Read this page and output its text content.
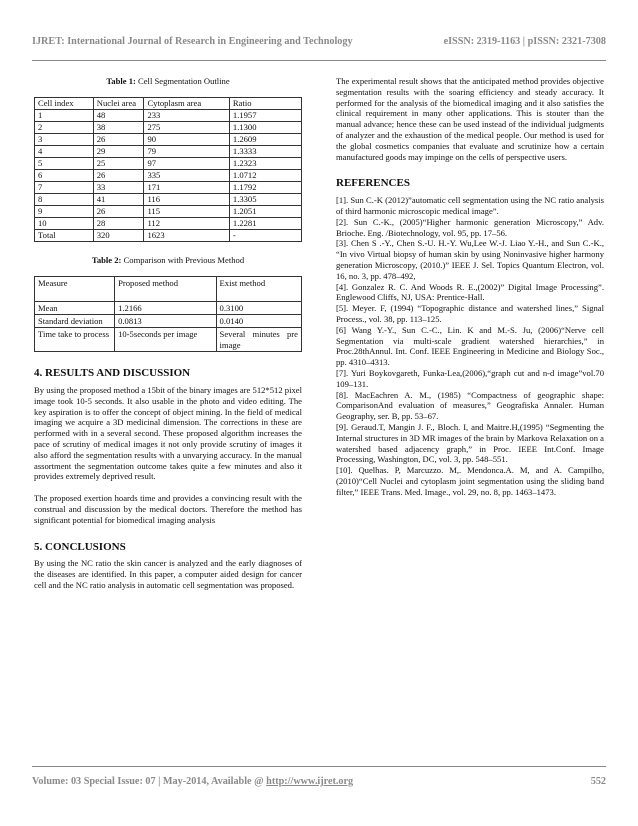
IJRET: International Journal of Research in Engineering and Technology	eISSN: 2319-1163 | pISSN: 2321-7308

Table 1: Cell Segmentation Outline

Cell index	Nuclei area	Cytoplasm area	Ratio
1	48	233	1.1957
2	38	275	1.1300
3	26	90	1.2609
4	29	79	1.3333
5	25	97	1.2323
6	26	335	1.0712
7	33	171	1.1792
8	41	116	1.3305
9	26	115	1.2051
10	28	112	1.2281
Total	320	1623	-

Table 2: Comparison with Previous Method

Measure	Proposed method	Exist method
Mean	1.2166	0.3100
Standard deviation	0.0813	0.0140
Time take to process	10-5seconds per image	Several minutes pre image
4. RESULTS AND DISCUSSION

By using the proposed method a 15bit of the binary images are 512*512 pixel image took 10-5 seconds. It also usable in the photo and video editing. The key aspiration is to offer the concept of object mining. In the field of medical imaging we acquire a 3D medicinal dimension. The corrections in these are performed with in a several second. These proposed algorithm increases the pace of scrutiny of medical images it not only provide scrutiny of images it also afford the segmentation results with a unvarying accuracy. In the manual assortment the segmentation outcome takes quite a few minutes and also it provides extremely deprived result.

The proposed exertion hoards time and provides a convincing result with the construal and discussion by the medical doctors. Therefore the method has significant potential for biomedical imaging analysis

5. CONCLUSIONS

By using the NC ratio the skin cancer is analyzed and the early diagnoses of the diseases are identified. In this paper, a computer aided design for cancer cell and the NC ratio analysis in automatic cell segmentation was proposed.

The experimental result shows that the anticipated method provides objective segmentation results with the soaring efficiency and steady accuracy. It performed for the analysis of the biomedical imaging and it also satisfies the clinical requirement in many other applications. This is stouter than the manual advance; hence these can be used instead of the individual judgments of analyzer and the exhaustion of the medical people. Our method is used for the global cosmetics companies that evaluate and scrutinize how a certain manufactured goods may impinge on the cells of perspective users.

REFERENCES

[1]. Sun C.-K (2012)”automatic cell segmentation using the NC ratio analysis of third harmonic microscopic medical image”.

[2]. Sun C.-K., (2005)“Higher harmonic generation Microscopy,” Adv. Brioche. Eng. /Biotechnology, vol. 95, pp. 17–56.

[3]. Chen S .-Y., Chen S.-U. H.-Y. Wu,Lee W.-J. Liao Y.-H., and Sun C.-K., “In vivo Virtual biopsy of human skin by using Noninvasive higher harmony generation Microscopy, (2010.)” IEEE J. Sel. Topics Quantum Electron, vol. 16, no. 3, pp. 478–492,

[4]. Gonzalez R. C. And Woods R. E.,(2002)” Digital Image Processing”. Englewood Cliffs, NJ, USA: Prentice-Hall.

[5]. Meyer. F, (1994) “Topographic distance and watershed lines,” Signal Process., vol. 38, pp. 113–125.

[6] Wang Y.-Y., Sun C.-C., Lin. K and M.-S. Ju, (2006)“Nerve cell Segmentation via multi-scale gradient watershed hierarchies,” in Proc.28thAnnul. Int. Conf. IEEE Engineering in Medicine and Biology Soc., pp. 4310–4313.

[7]. Yuri Boykovgareth, Funka-Lea,(2006),“graph cut and n-d image”vol.70 109–131.

[8]. MacEachren A. M., (1985) “Compactness of geographic shape: ComparisonAnd evaluation of measures,” Geografiska Annaler. Human Geography, ser. B, pp. 53–67.

[9]. Geraud.T, Mangin J. F., Bloch. I, and Maitre.H,(1995) “Segmenting the Internal structures in 3D MR images of the brain by Markova Relaxation on a watershed based adjacency graph,” in Proc. IEEE Int.Conf. Image Processing, Washington, DC, vol. 3, pp. 548–551.

[10]. Quelhas. P, Marcuzzo. M,. Mendonca.A. M, and A. Campilho, (2010)“Cell Nuclei and cytoplasm joint segmentation using the sliding band filter,” IEEE Trans. Med. Image., vol. 29, no. 8, pp. 1463–1473.

Volume: 03 Special Issue: 07 | May-2014, Available @ http://www.ijret.org	552
